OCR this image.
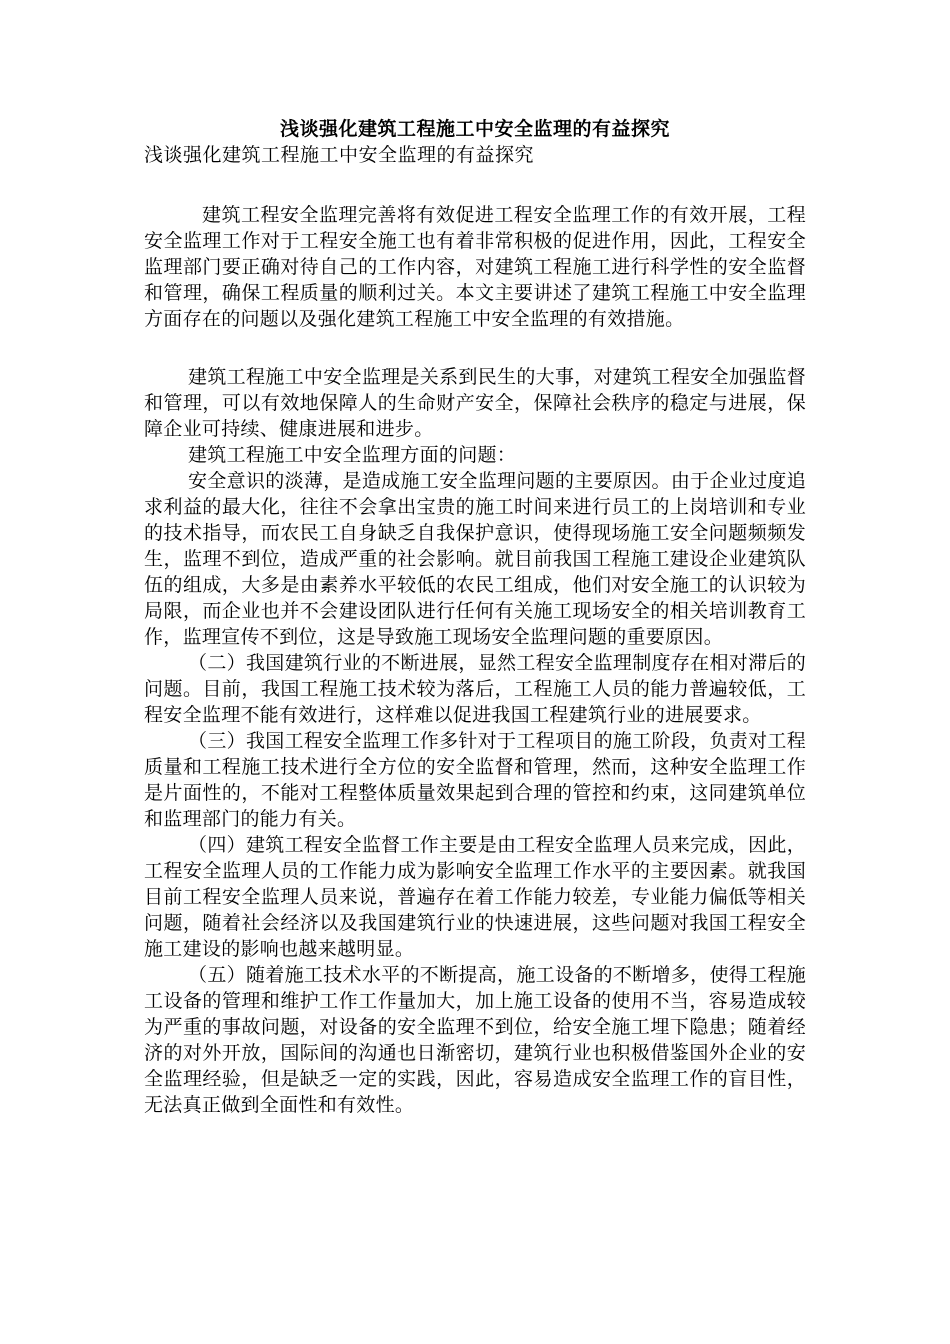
浅谈强化建筑工程施工中安全监理的有益探究

浅谈强化建筑工程施工中安全监理的有益探究

建筑工程安全监理完善将有效促进工程安全监理工作的有效开展，工程安全监理工作对于工程安全施工也有着非常积极的促进作用，因此，工程安全监理部门要正确对待自己的工作内容，对建筑工程施工进行科学性的安全监督和管理，确保工程质量的顺利过关。本文主要讲述了建筑工程施工中安全监理方面存在的问题以及强化建筑工程施工中安全监理的有效措施。

建筑工程施工中安全监理是关系到民生的大事，对建筑工程安全加强监督和管理，可以有效地保障人的生命财产安全，保障社会秩序的稳定与进展，保障企业可持续、健康进展和进步。

建筑工程施工中安全监理方面的问题：

安全意识的淡薄，是造成施工安全监理问题的主要原因。由于企业过度追求利益的最大化，往往不会拿出宝贵的施工时间来进行员工的上岗培训和专业的技术指导，而农民工自身缺乏自我保护意识，使得现场施工安全问题频频发生，监理不到位，造成严重的社会影响。就目前我国工程施工建设企业建筑队伍的组成，大多是由素养水平较低的农民工组成，他们对安全施工的认识较为局限，而企业也并不会建设团队进行任何有关施工现场安全的相关培训教育工作，监理宣传不到位，这是导致施工现场安全监理问题的重要原因。

（二）我国建筑行业的不断进展，显然工程安全监理制度存在相对滞后的问题。目前，我国工程施工技术较为落后，工程施工人员的能力普遍较低，工程安全监理不能有效进行，这样难以促进我国工程建筑行业的进展要求。

（三）我国工程安全监理工作多针对于工程项目的施工阶段，负责对工程质量和工程施工技术进行全方位的安全监督和管理，然而，这种安全监理工作是片面性的，不能对工程整体质量效果起到合理的管控和约束，这同建筑单位和监理部门的能力有关。

（四）建筑工程安全监督工作主要是由工程安全监理人员来完成，因此，工程安全监理人员的工作能力成为影响安全监理工作水平的主要因素。就我国目前工程安全监理人员来说，普遍存在着工作能力较差，专业能力偏低等相关问题，随着社会经济以及我国建筑行业的快速进展，这些问题对我国工程安全施工建设的影响也越来越明显。

（五）随着施工技术水平的不断提高，施工设备的不断增多，使得工程施工设备的管理和维护工作工作量加大，加上施工设备的使用不当，容易造成较为严重的事故问题，对设备的安全监理不到位，给安全施工埋下隐患；随着经济的对外开放，国际间的沟通也日渐密切，建筑行业也积极借鉴国外企业的安全监理经验，但是缺乏一定的实践，因此，容易造成安全监理工作的盲目性，无法真正做到全面性和有效性。
